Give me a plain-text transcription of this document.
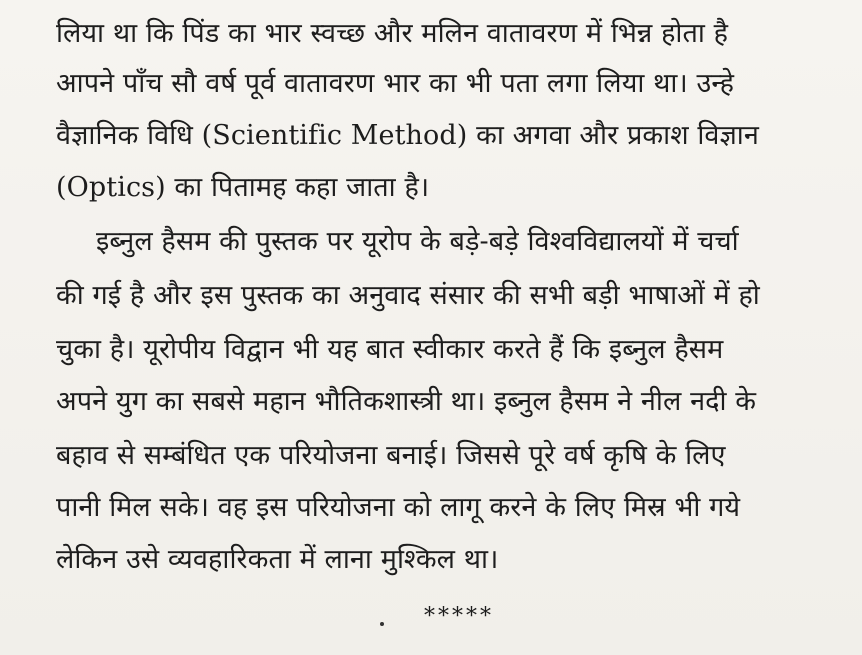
लिया था कि पिंड का भार स्वच्छ और मलिन वातावरण में भिन्न होता है
आपने पाँच सौ वर्ष पूर्व वातावरण भार का भी पता लगा लिया था। उन्हे
वैज्ञानिक विधि (Scientific Method) का अगवा और प्रकाश विज्ञान
(Optics) का पितामह कहा जाता है।
इब्नुल हैसम की पुस्तक पर यूरोप के बड़े-बड़े विश्वविद्यालयों में चर्चा
की गई है और इस पुस्तक का अनुवाद संसार की सभी बड़ी भाषाओं में हो
चुका है। यूरोपीय विद्वान भी यह बात स्वीकार करते हैं कि इब्नुल हैसम
अपने युग का सबसे महान भौतिकशास्त्री था। इब्नुल हैसम ने नील नदी के
बहाव से सम्बंधित एक परियोजना बनाई। जिससे पूरे वर्ष कृषि के लिए
पानी मिल सके। वह इस परियोजना को लागू करने के लिए मिस्र भी गये
लेकिन उसे व्यवहारिकता में लाना मुश्किल था।
*****
